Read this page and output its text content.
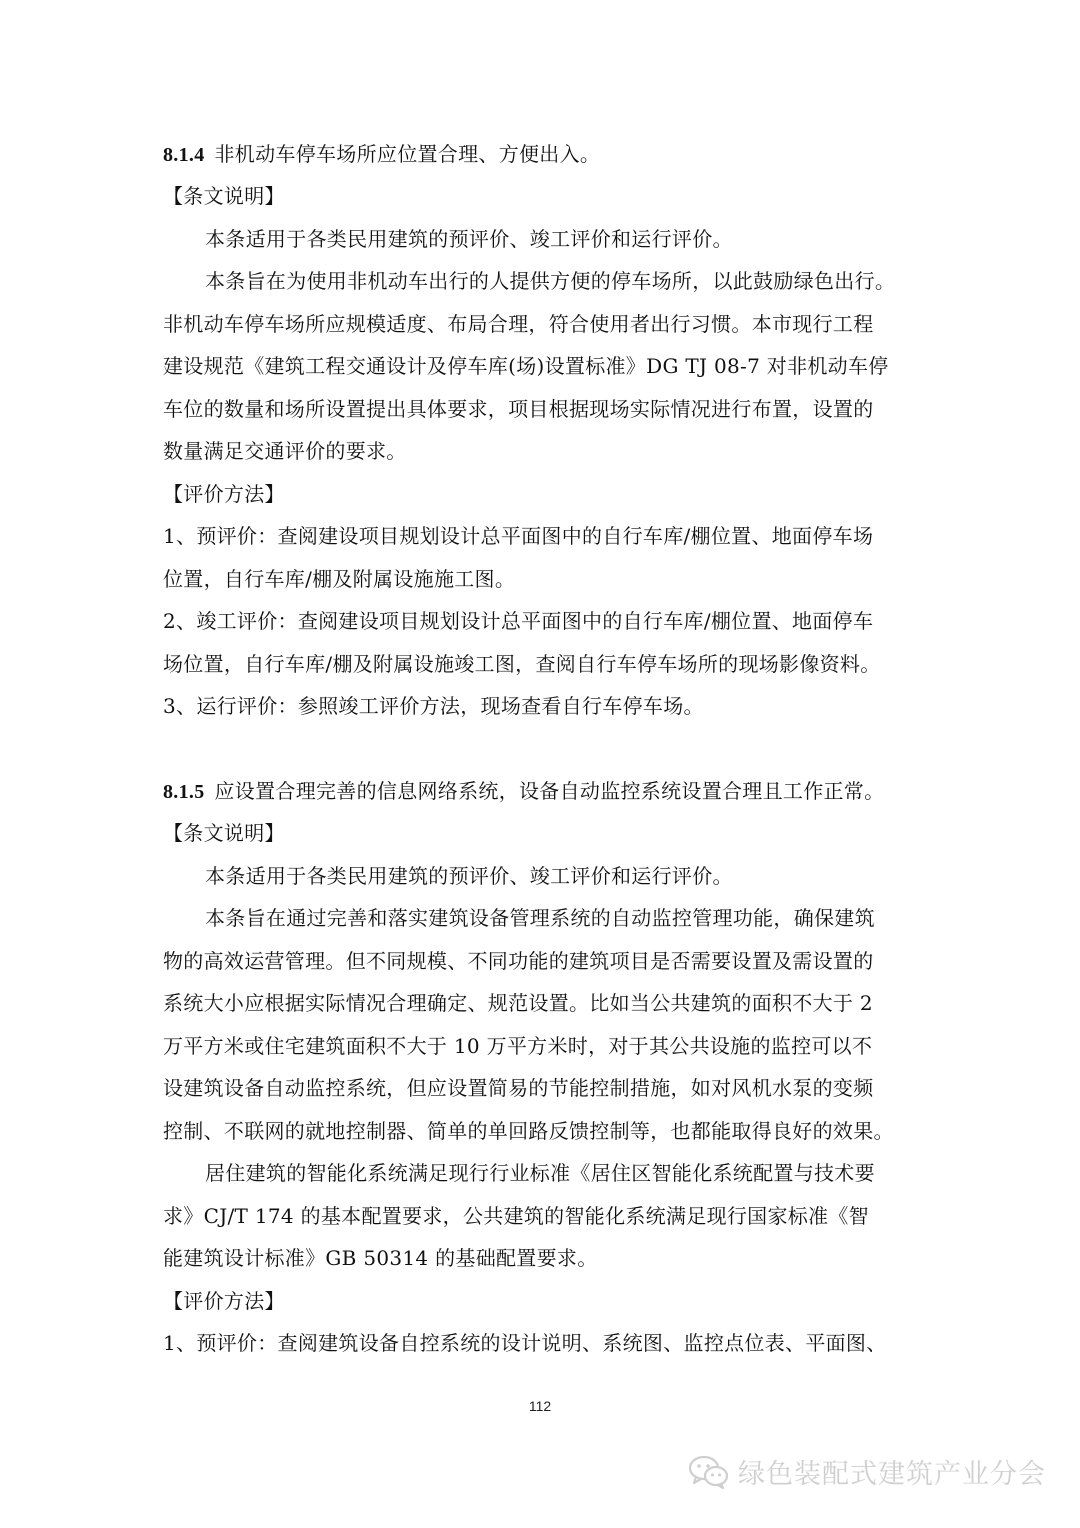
8.1.4 非机动车停车场所应位置合理、方便出入。
【条文说明】
本条适用于各类民用建筑的预评价、竣工评价和运行评价。
本条旨在为使用非机动车出行的人提供方便的停车场所，以此鼓励绿色出行。
非机动车停车场所应规模适度、布局合理，符合使用者出行习惯。本市现行工程
建设规范《建筑工程交通设计及停车库(场)设置标准》DG TJ 08-7 对非机动车停
车位的数量和场所设置提出具体要求，项目根据现场实际情况进行布置，设置的
数量满足交通评价的要求。
【评价方法】
1、预评价：查阅建设项目规划设计总平面图中的自行车库/棚位置、地面停车场
位置，自行车库/棚及附属设施施工图。
2、竣工评价：查阅建设项目规划设计总平面图中的自行车库/棚位置、地面停车
场位置，自行车库/棚及附属设施竣工图，查阅自行车停车场所的现场影像资料。
3、运行评价：参照竣工评价方法，现场查看自行车停车场。
8.1.5 应设置合理完善的信息网络系统，设备自动监控系统设置合理且工作正常。
【条文说明】
本条适用于各类民用建筑的预评价、竣工评价和运行评价。
本条旨在通过完善和落实建筑设备管理系统的自动监控管理功能，确保建筑
物的高效运营管理。但不同规模、不同功能的建筑项目是否需要设置及需设置的
系统大小应根据实际情况合理确定、规范设置。比如当公共建筑的面积不大于 2
万平方米或住宅建筑面积不大于 10 万平方米时，对于其公共设施的监控可以不
设建筑设备自动监控系统，但应设置简易的节能控制措施，如对风机水泵的变频
控制、不联网的就地控制器、简单的单回路反馈控制等，也都能取得良好的效果。
居住建筑的智能化系统满足现行行业标准《居住区智能化系统配置与技术要
求》CJ/T 174 的基本配置要求，公共建筑的智能化系统满足现行国家标准《智
能建筑设计标准》GB 50314 的基础配置要求。
【评价方法】
1、预评价：查阅建筑设备自控系统的设计说明、系统图、监控点位表、平面图、
112
绿色装配式建筑产业分会
